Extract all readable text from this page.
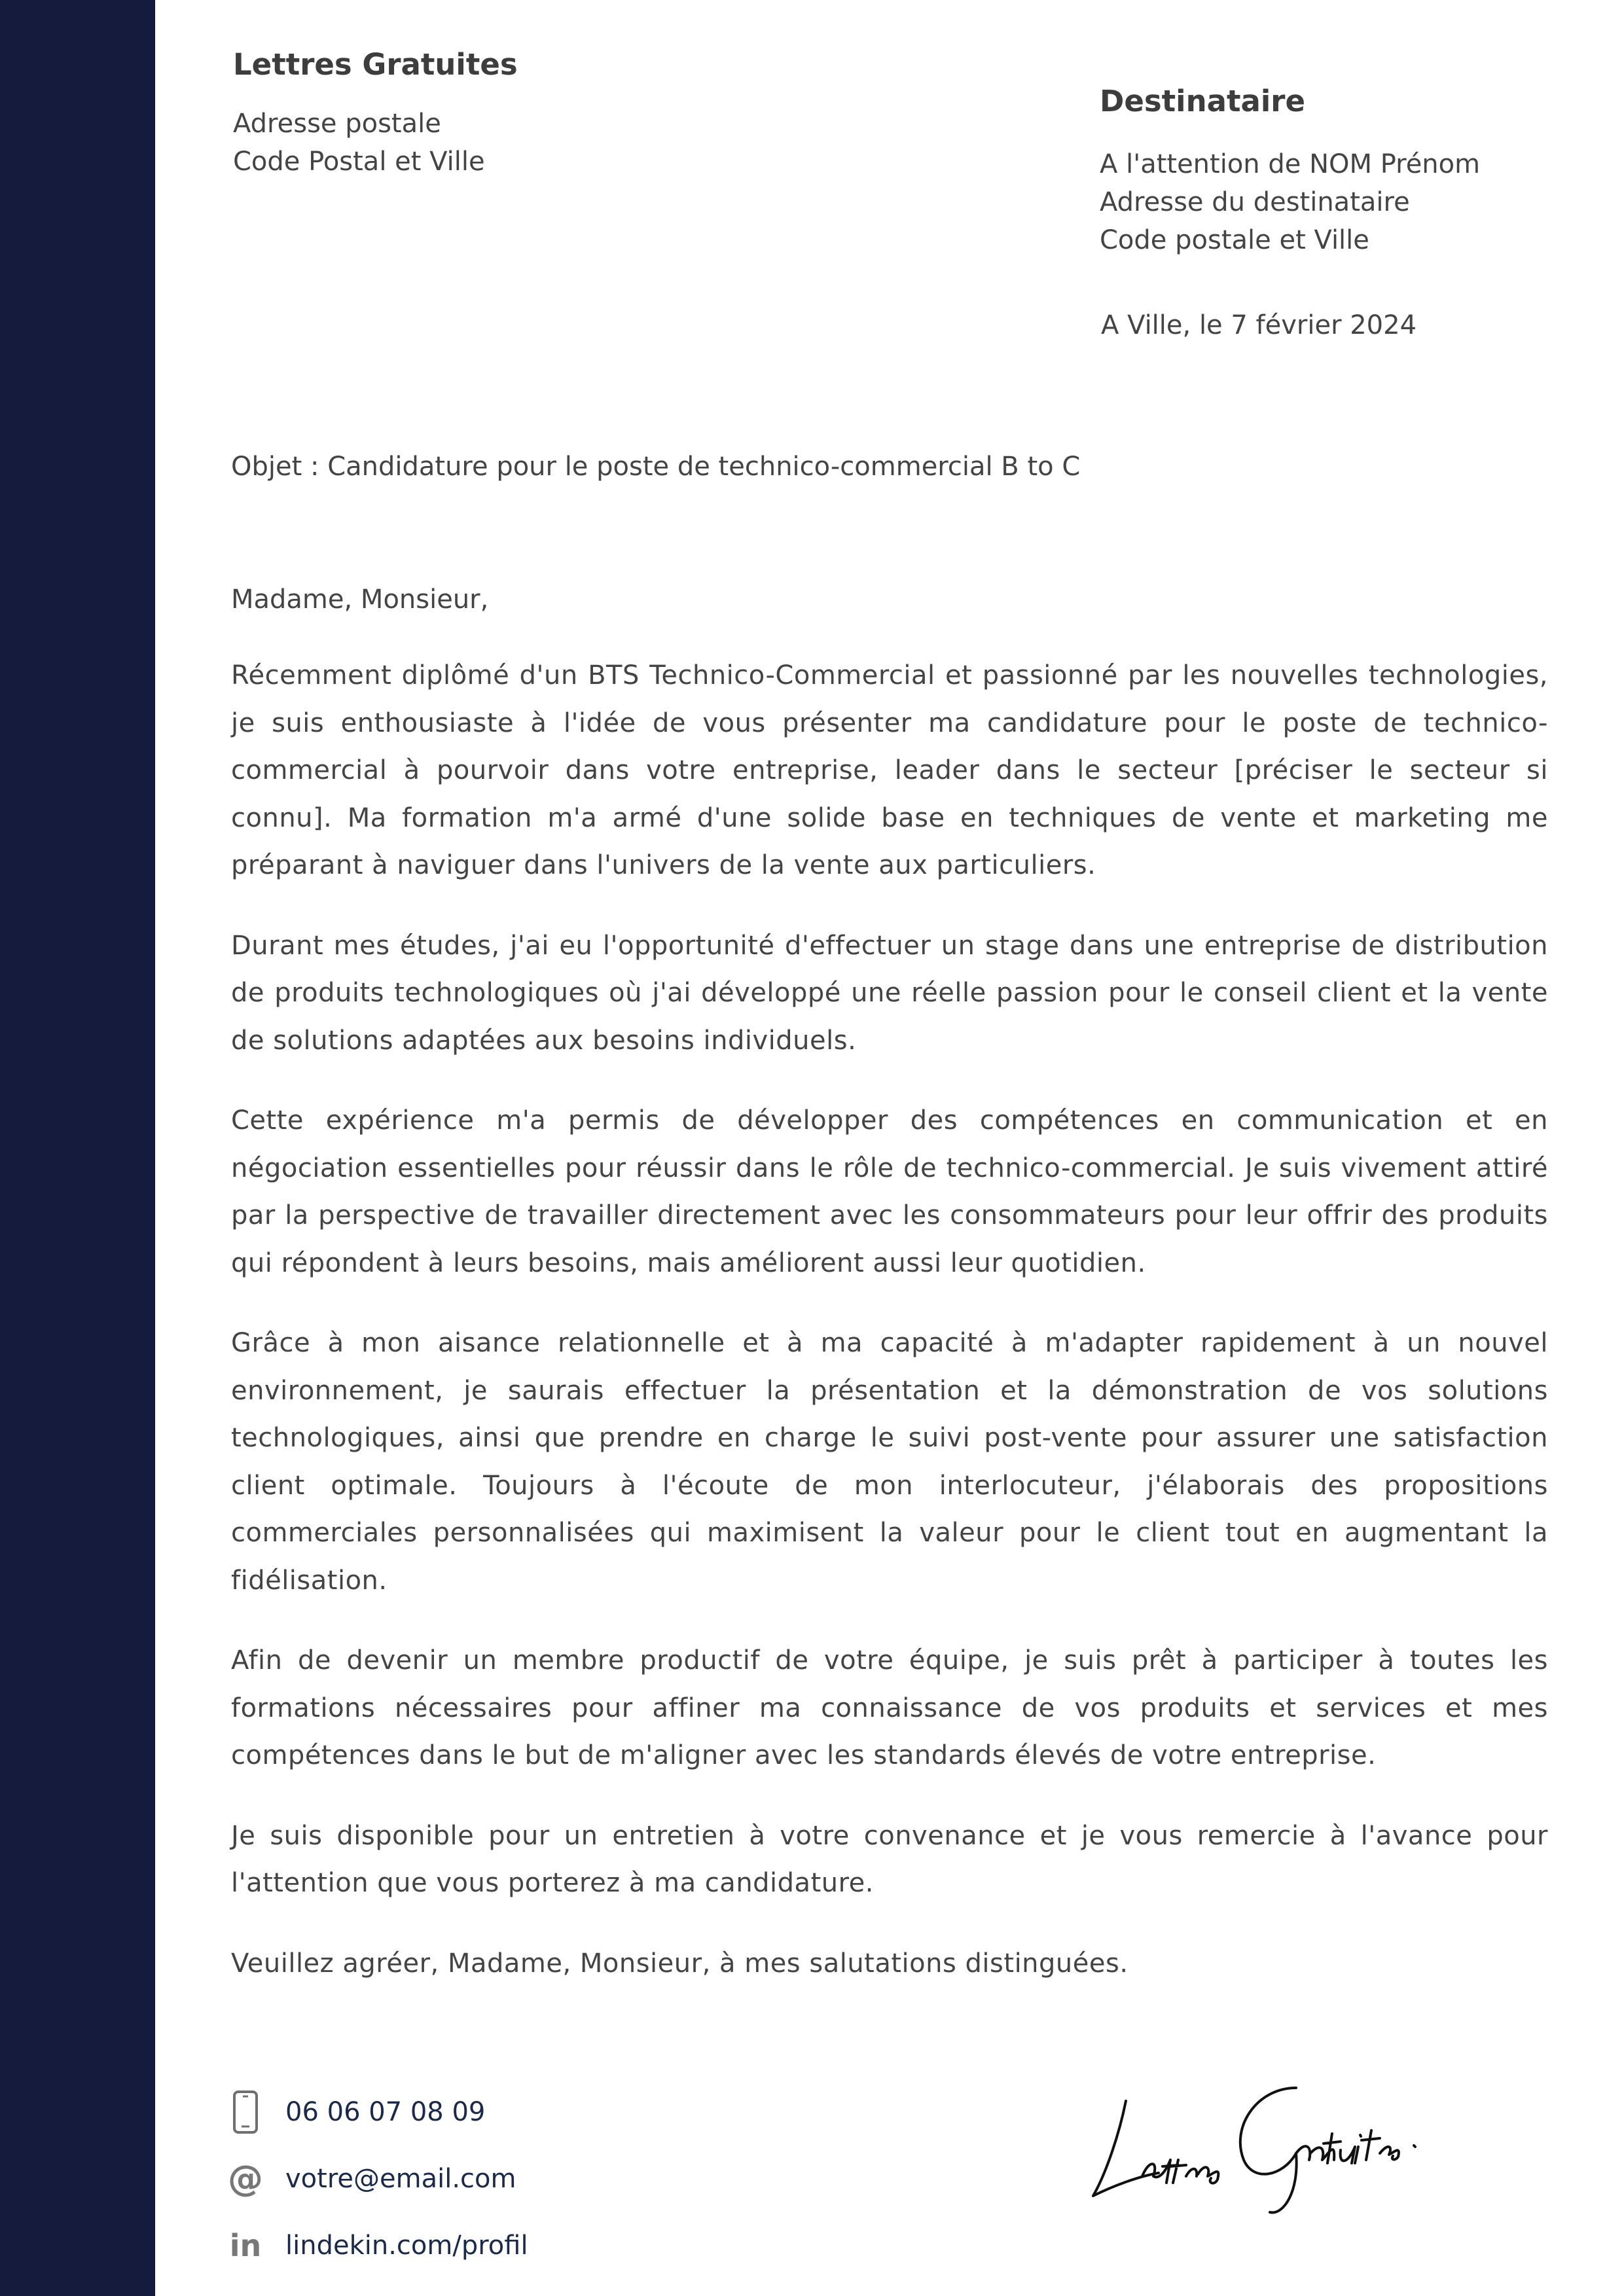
Lettres Gratuites
Adresse postale
Code Postal et Ville
Destinataire
A l'attention de NOM Prénom
Adresse du destinataire
Code postale et Ville
A Ville, le 7 février 2024
Objet : Candidature pour le poste de technico-commercial B to C

Madame, Monsieur,

Récemment diplômé d'un BTS Technico-Commercial et passionné par les nouvelles technologies, je suis enthousiaste à l'idée de vous présenter ma candidature pour le poste de technico-commercial à pourvoir dans votre entreprise, leader dans le secteur [préciser le secteur si connu]. Ma formation m'a armé d'une solide base en techniques de vente et marketing me préparant à naviguer dans l'univers de la vente aux particuliers.

Durant mes études, j'ai eu l'opportunité d'effectuer un stage dans une entreprise de distribution de produits technologiques où j'ai développé une réelle passion pour le conseil client et la vente de solutions adaptées aux besoins individuels.

Cette expérience m'a permis de développer des compétences en communication et en négociation essentielles pour réussir dans le rôle de technico-commercial. Je suis vivement attiré par la perspective de travailler directement avec les consommateurs pour leur offrir des produits qui répondent à leurs besoins, mais améliorent aussi leur quotidien.

Grâce à mon aisance relationnelle et à ma capacité à m'adapter rapidement à un nouvel environnement, je saurais effectuer la présentation et la démonstration de vos solutions technologiques, ainsi que prendre en charge le suivi post-vente pour assurer une satisfaction client optimale. Toujours à l'écoute de mon interlocuteur, j'élaborais des propositions commerciales personnalisées qui maximisent la valeur pour le client tout en augmentant la fidélisation.

Afin de devenir un membre productif de votre équipe, je suis prêt à participer à toutes les formations nécessaires pour affiner ma connaissance de vos produits et services et mes compétences dans le but de m'aligner avec les standards élevés de votre entreprise.

Je suis disponible pour un entretien à votre convenance et je vous remercie à l'avance pour l'attention que vous porterez à ma candidature.

Veuillez agréer, Madame, Monsieur, à mes salutations distinguées.

06 06 07 08 09
@ votre@email.com
in lindekin.com/profil
